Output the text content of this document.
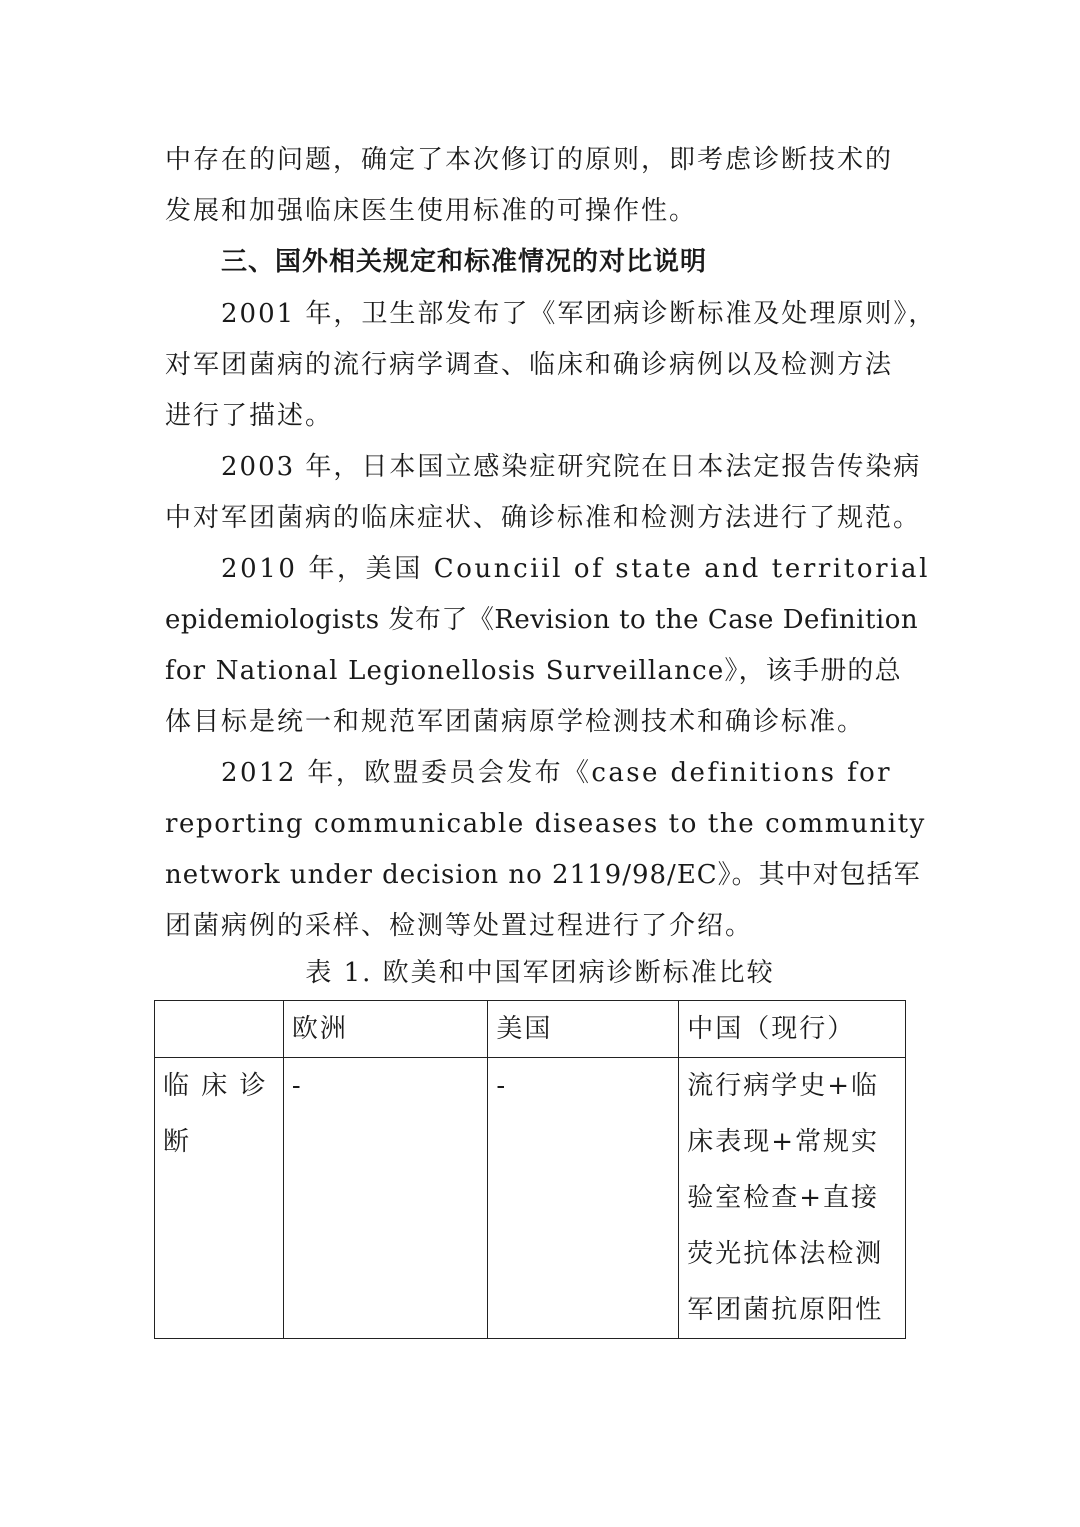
中存在的问题，确定了本次修订的原则，即考虑诊断技术的
发展和加强临床医生使用标准的可操作性。
三、国外相关规定和标准情况的对比说明
2001 年，卫生部发布了《军团病诊断标准及处理原则》，
对军团菌病的流行病学调查、临床和确诊病例以及检测方法
进行了描述。
2003 年，日本国立感染症研究院在日本法定报告传染病
中对军团菌病的临床症状、确诊标准和检测方法进行了规范。
2010 年，美国 Counciil of state and territorial
epidemiologists 发布了《Revision to the Case Definition
for National Legionellosis Surveillance》，该手册的总
体目标是统一和规范军团菌病原学检测技术和确诊标准。
2012 年，欧盟委员会发布《case definitions for
reporting communicable diseases to the community
network under decision no 2119/98/EC》。其中对包括军
团菌病例的采样、检测等处置过程进行了介绍。
表 1. 欧美和中国军团病诊断标准比较
	欧洲	美国	中国（现行）

临 床 诊
断	-	-	流行病学史+临
床表现+常规实
验室检查+直接
荧光抗体法检测
军团菌抗原阳性
